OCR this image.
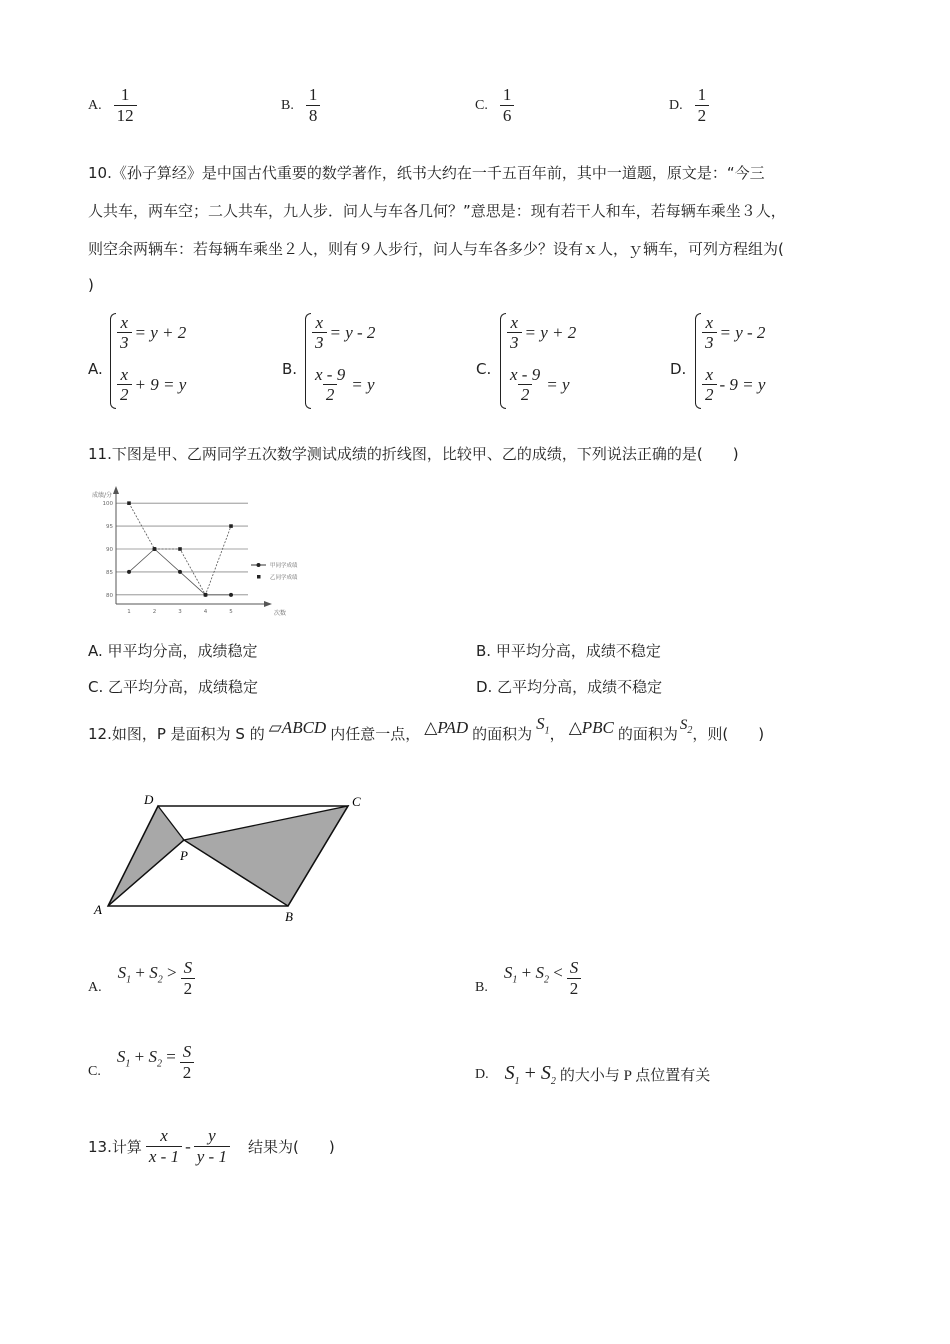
A. $\frac{1}{12}$	B. $\frac{1}{8}$	C. $\frac{1}{6}$	D. $\frac{1}{2}$
10.《孙子算经》是中国古代重要的数学著作，纸书大约在一千五百年前，其中一道题，原文是：“今三
人共车，两车空；二人共车，九人步．问人与车各几何？”意思是：现有若干人和车，若每辆车乘坐３人，
则空余两辆车：若每辆车乘坐２人，则有９人步行，问人与车各多少？设有ｘ人，ｙ辆车，可列方程组为(
)
A.
$\frac{x}{3} = y + 2$
$\frac{x}{2} + 9 = y$
B.
$\frac{x}{3} = y - 2$
$\frac{x - 9}{2} = y$
C.
$\frac{x}{3} = y + 2$
$\frac{x - 9}{2} = y$
D.
$\frac{x}{3} = y - 2$
$\frac{x}{2} - 9 = y$
11.下图是甲、乙两同学五次数学测试成绩的折线图，比较甲、乙的成绩，下列说法正确的是(　　)
成绩/分
次数
100
95
90
85
80
1	2	3	4	5
甲同学成绩
乙同学成绩
A. 甲平均分高，成绩稳定	B. 甲平均分高，成绩不稳定
C. 乙平均分高，成绩稳定	D. 乙平均分高，成绩不稳定
12.如图，P 是面积为 S 的 ▱ABCD 内任意一点， △PAD 的面积为
$S_1$ ， △PBC 的面积为 $S_2$ ，则(　　)
D	C
P
A	B
A.
$S_1 + S_2 > \frac{S}{2}$	B.
$S_1 + S_2 < \frac{S}{2}$
C.
$S_1 + S_2 = \frac{S}{2}$	D. $S_1 + S_2$ 的大小与 P 点位置有关
13.计算 $\frac{x}{x - 1} - \frac{y}{y - 1}$ 结果为(　　)
